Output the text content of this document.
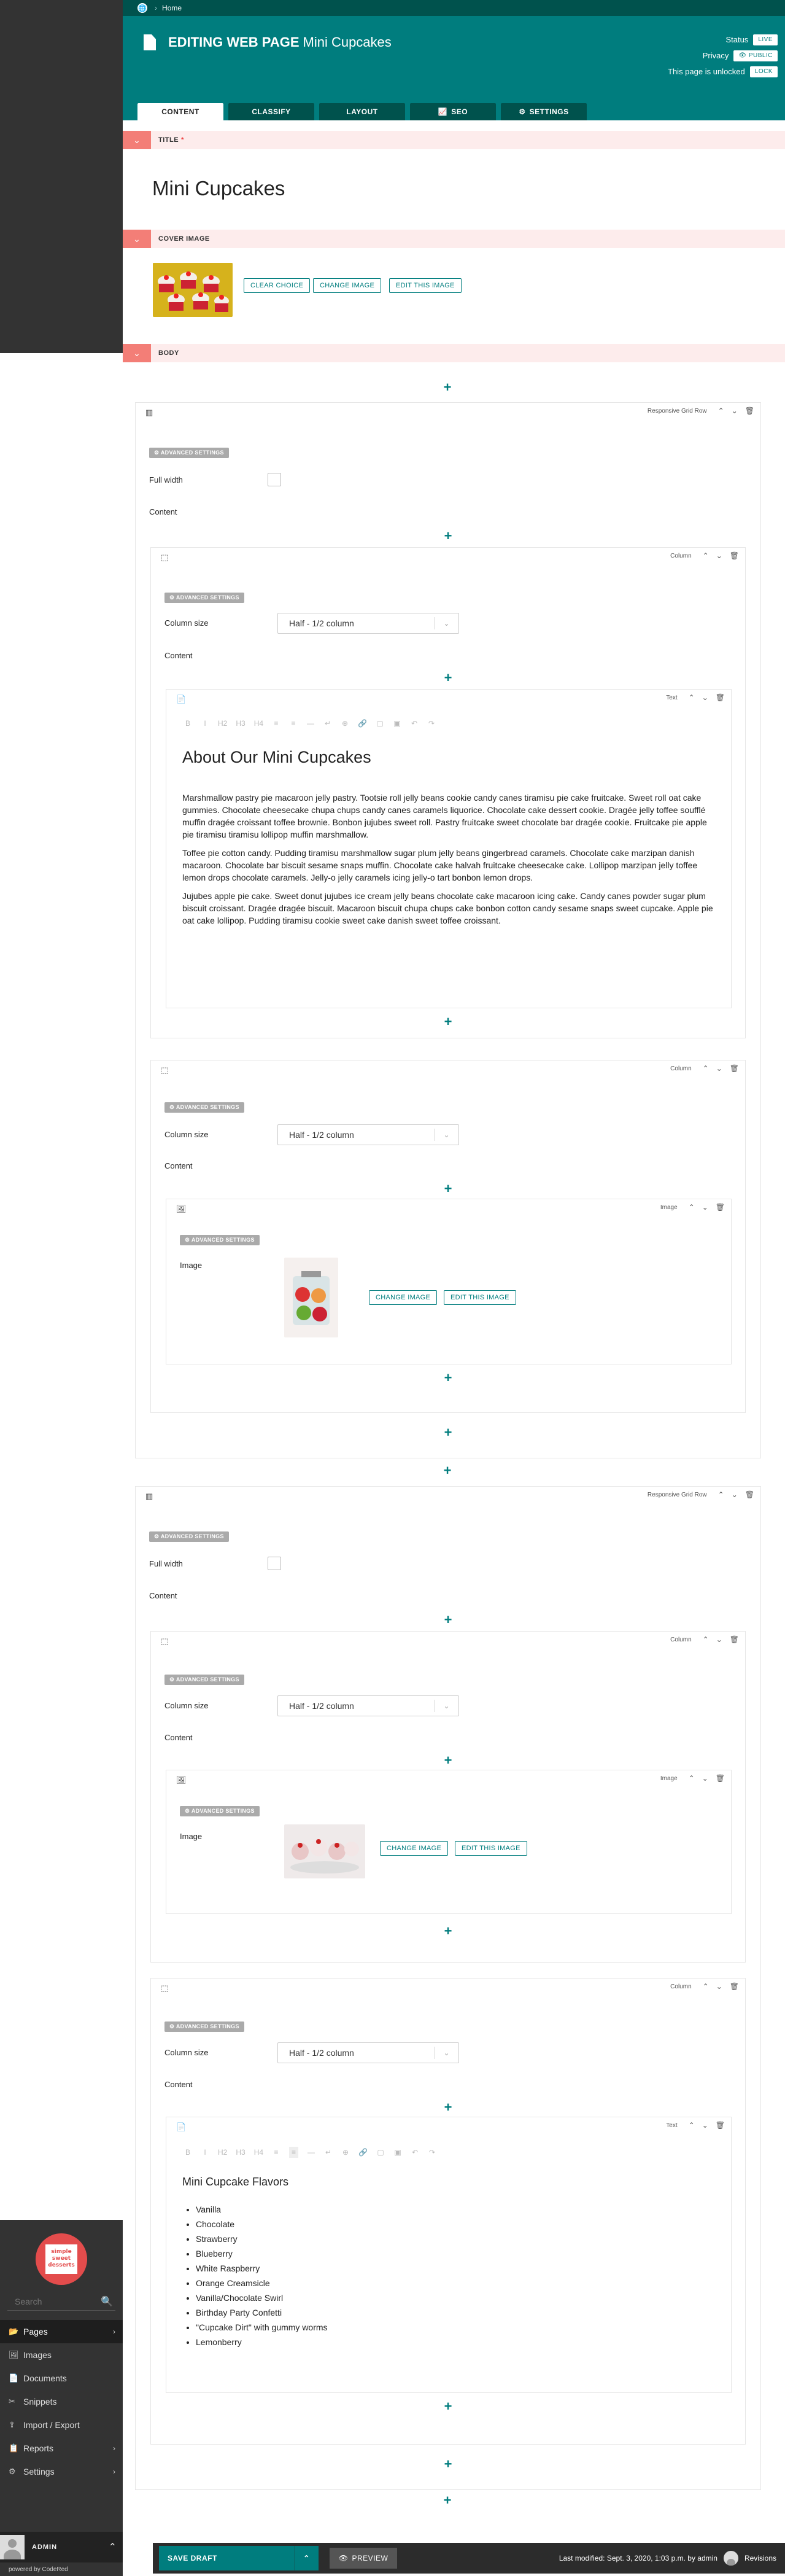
🌐 › Home
EDITING WEB PAGE Mini Cupcakes	Status	LIVE
Privacy	👁 PUBLIC
This page is unlocked	LOCK
CONTENT	CLASSIFY	LAYOUT	📈 SEO	⚙ SETTINGS
⌄	TITLE *
Mini Cupcakes
⌄	COVER IMAGE
CLEAR CHOICE	CHANGE IMAGE	EDIT THIS IMAGE
⌄	BODY
+
▥	Responsive Grid Row ⌃ ⌄ 🗑
⚙ ADVANCED SETTINGS
Full width
Content
+
⬚	Column ⌃ ⌄ 🗑
⚙ ADVANCED SETTINGS
Column size	Half - 1/2 column	⌄
Content
+
📄	Text ⌃ ⌄ 🗑
B	I	H2 H3 H4 ≡ ≡ — ↵ ⊕ 🔗 ▢ ▣ ↶ ↷
About Our Mini Cupcakes

Marshmallow pastry pie macaroon jelly pastry. Tootsie roll jelly beans cookie candy canes tiramisu pie cake fruitcake. Sweet roll oat cake gummies. Chocolate cheesecake chupa chups candy canes caramels liquorice. Chocolate cake dessert cookie. Dragée jelly toffee soufflé muffin dragée croissant toffee brownie. Bonbon jujubes sweet roll. Pastry fruitcake sweet chocolate bar dragée cookie. Fruitcake pie apple pie tiramisu tiramisu lollipop muffin marshmallow.

Toffee pie cotton candy. Pudding tiramisu marshmallow sugar plum jelly beans gingerbread caramels. Chocolate cake marzipan danish macaroon. Chocolate bar biscuit sesame snaps muffin. Chocolate cake halvah fruitcake cheesecake cake. Lollipop marzipan jelly toffee lemon drops chocolate caramels. Jelly-o jelly caramels icing jelly-o tart bonbon lemon drops.

Jujubes apple pie cake. Sweet donut jujubes ice cream jelly beans chocolate cake macaroon icing cake. Candy canes powder sugar plum biscuit croissant. Dragée dragée biscuit. Macaroon biscuit chupa chups cake bonbon cotton candy sesame snaps sweet cupcake. Apple pie oat cake lollipop. Pudding tiramisu cookie sweet cake danish sweet toffee croissant.

+
⬚	Column ⌃ ⌄ 🗑
⚙ ADVANCED SETTINGS
Column size	Half - 1/2 column	⌄
Content
+
🖼	Image ⌃ ⌄ 🗑
⚙ ADVANCED SETTINGS
Image
CHANGE IMAGE	EDIT THIS IMAGE
+
+
+
▥	Responsive Grid Row ⌃ ⌄ 🗑
⚙ ADVANCED SETTINGS
Full width
Content
+
⬚	Column ⌃ ⌄ 🗑
⚙ ADVANCED SETTINGS
Column size	Half - 1/2 column	⌄
Content
+
🖼	Image ⌃ ⌄ 🗑
⚙ ADVANCED SETTINGS
Image
CHANGE IMAGE	EDIT THIS IMAGE
+
⬚	Column ⌃ ⌄ 🗑
⚙ ADVANCED SETTINGS
Column size	Half - 1/2 column	⌄
Content
+
📄	Text ⌃ ⌄ 🗑
B	I	H2 H3 H4 ≡	≡	— ↵ ⊕ 🔗 ▢ ▣ ↶ ↷
Mini Cupcake Flavors
• Vanilla
• Chocolate
• Strawberry
• Blueberry
• White Raspberry
• Orange Creamsicle
• Vanilla/Chocolate Swirl
• Birthday Party Confetti
• "Cupcake Dirt" with gummy worms
• Lemonberry
+
+
+
simple
sweet
desserts
Search
🔍
📂 Pages	›
🖼 Images
📄 Documents
✂ Snippets
⇪ Import / Export
📋 Reports	›
⚙ Settings	›
ADMIN	⌃
powered by CodeRed
SAVE DRAFT	⌃	👁 PREVIEW	Last modified: Sept. 3, 2020, 1:03 p.m. by admin	Revisions
